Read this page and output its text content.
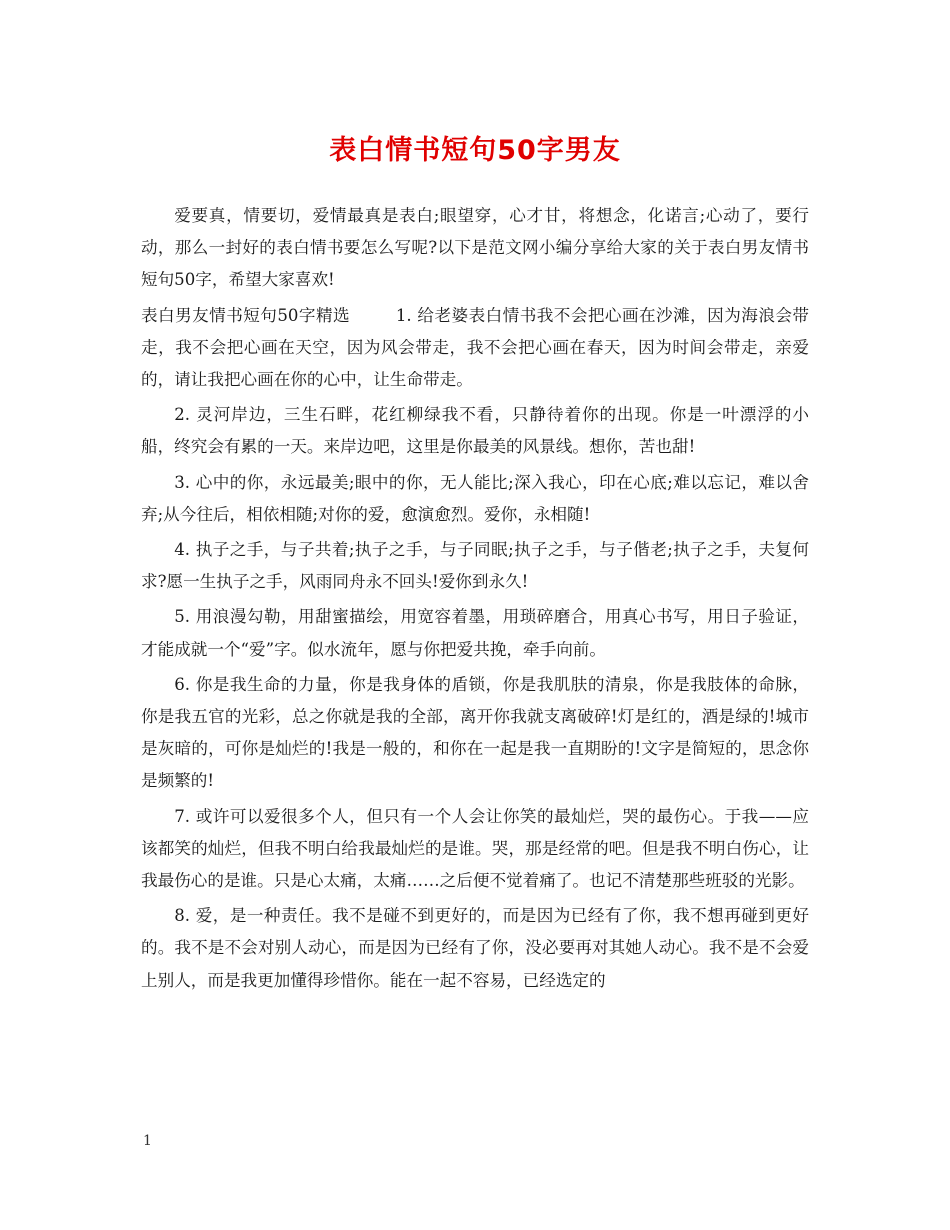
表白情书短句50字男友

爱要真，情要切，爱情最真是表白;眼望穿，心才甘，将想念，化诺言;心动了，要行动，那么一封好的表白情书要怎么写呢?以下是范文网小编分享给大家的关于表白男友情书短句50字，希望大家喜欢!

表白男友情书短句50字精选	1. 给老婆表白情书我不会把心画在沙滩，因为海浪会带走，我不会把心画在天空，因为风会带走，我不会把心画在春天，因为时间会带走，亲爱的，请让我把心画在你的心中，让生命带走。

2. 灵河岸边，三生石畔，花红柳绿我不看，只静待着你的出现。你是一叶漂浮的小船，终究会有累的一天。来岸边吧，这里是你最美的风景线。想你，苦也甜!

3. 心中的你，永远最美;眼中的你，无人能比;深入我心，印在心底;难以忘记，难以舍弃;从今往后，相依相随;对你的爱，愈演愈烈。爱你，永相随!

4. 执子之手，与子共着;执子之手，与子同眠;执子之手，与子偕老;执子之手，夫复何求?愿一生执子之手，风雨同舟永不回头!爱你到永久!

5. 用浪漫勾勒，用甜蜜描绘，用宽容着墨，用琐碎磨合，用真心书写，用日子验证，才能成就一个“爱”字。似水流年，愿与你把爱共挽，牵手向前。

6. 你是我生命的力量，你是我身体的盾锁，你是我肌肤的清泉，你是我肢体的命脉，你是我五官的光彩，总之你就是我的全部，离开你我就支离破碎!灯是红的，酒是绿的!城市是灰暗的，可你是灿烂的!我是一般的，和你在一起是我一直期盼的!文字是简短的，思念你是频繁的!

7. 或许可以爱很多个人，但只有一个人会让你笑的最灿烂，哭的最伤心。于我——应该都笑的灿烂，但我不明白给我最灿烂的是谁。哭，那是经常的吧。但是我不明白伤心，让我最伤心的是谁。只是心太痛，太痛……之后便不觉着痛了。也记不清楚那些班驳的光影。

8. 爱，是一种责任。我不是碰不到更好的，而是因为已经有了你，我不想再碰到更好的。我不是不会对别人动心，而是因为已经有了你，没必要再对其她人动心。我不是不会爱上别人，而是我更加懂得珍惜你。能在一起不容易，已经选定的

1
